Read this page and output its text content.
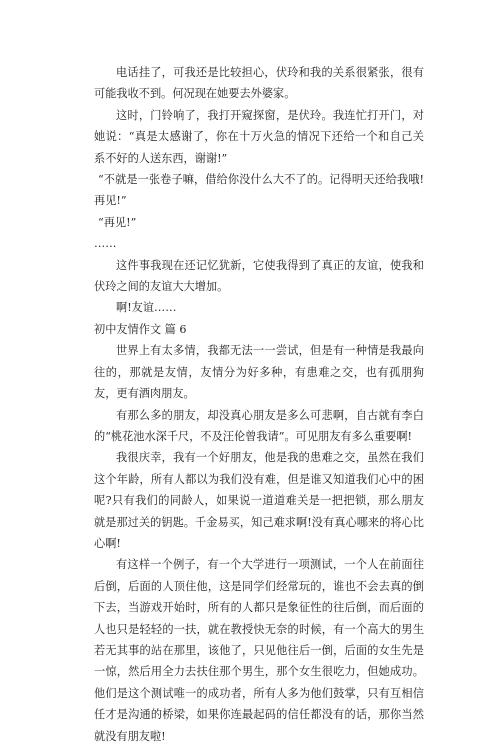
电话挂了，可我还是比较担心，伏玲和我的关系很紧张，很有可能我收不到。何况现在她要去外婆家。

这时，门铃响了，我打开窥探窗，是伏玲。我连忙打开门，对她说：“真是太感谢了，你在十万火急的情况下还给一个和自己关系不好的人送东西，谢谢!”

“不就是一张卷子嘛，借给你没什么大不了的。记得明天还给我哦!再见!”

“再见!”

……

这件事我现在还记忆犹新，它使我得到了真正的友谊，使我和伏玲之间的友谊大大增加。

啊!友谊……

初中友情作文 篇 6

世界上有太多情，我都无法一一尝试，但是有一种情是我最向往的，那就是友情，友情分为好多种，有患难之交，也有孤朋狗友，更有酒肉朋友。

有那么多的朋友，却没真心朋友是多么可悲啊，自古就有李白的“桃花池水深千尺，不及汪伦曾我请”。可见朋友有多么重要啊!

我很庆幸，我有一个好朋友，他是我的患难之交，虽然在我们这个年龄，所有人都以为我们没有难，但是谁又知道我们心中的困呢?只有我们的同龄人，如果说一道道难关是一把把锁，那么朋友就是那过关的钥匙。千金易买，知己难求啊!没有真心哪来的将心比心啊!

有这样一个例子，有一个大学进行一项测试，一个人在前面往后倒，后面的人顶住他，这是同学们经常玩的，谁也不会去真的倒下去，当游戏开始时，所有的人都只是象征性的往后倒，而后面的人也只是轻轻的一扶，就在教授快无奈的时候，有一个高大的男生若无其事的站在那里，该他了，只见他往后一倒，后面的女生先是一惊，然后用全力去扶住那个男生，那个女生很吃力，但她成功。他们是这个测试唯一的成功者，所有人多为他们鼓掌，只有互相信任才是沟通的桥梁，如果你连最起码的信任都没有的话，那你当然就没有朋友啦!
